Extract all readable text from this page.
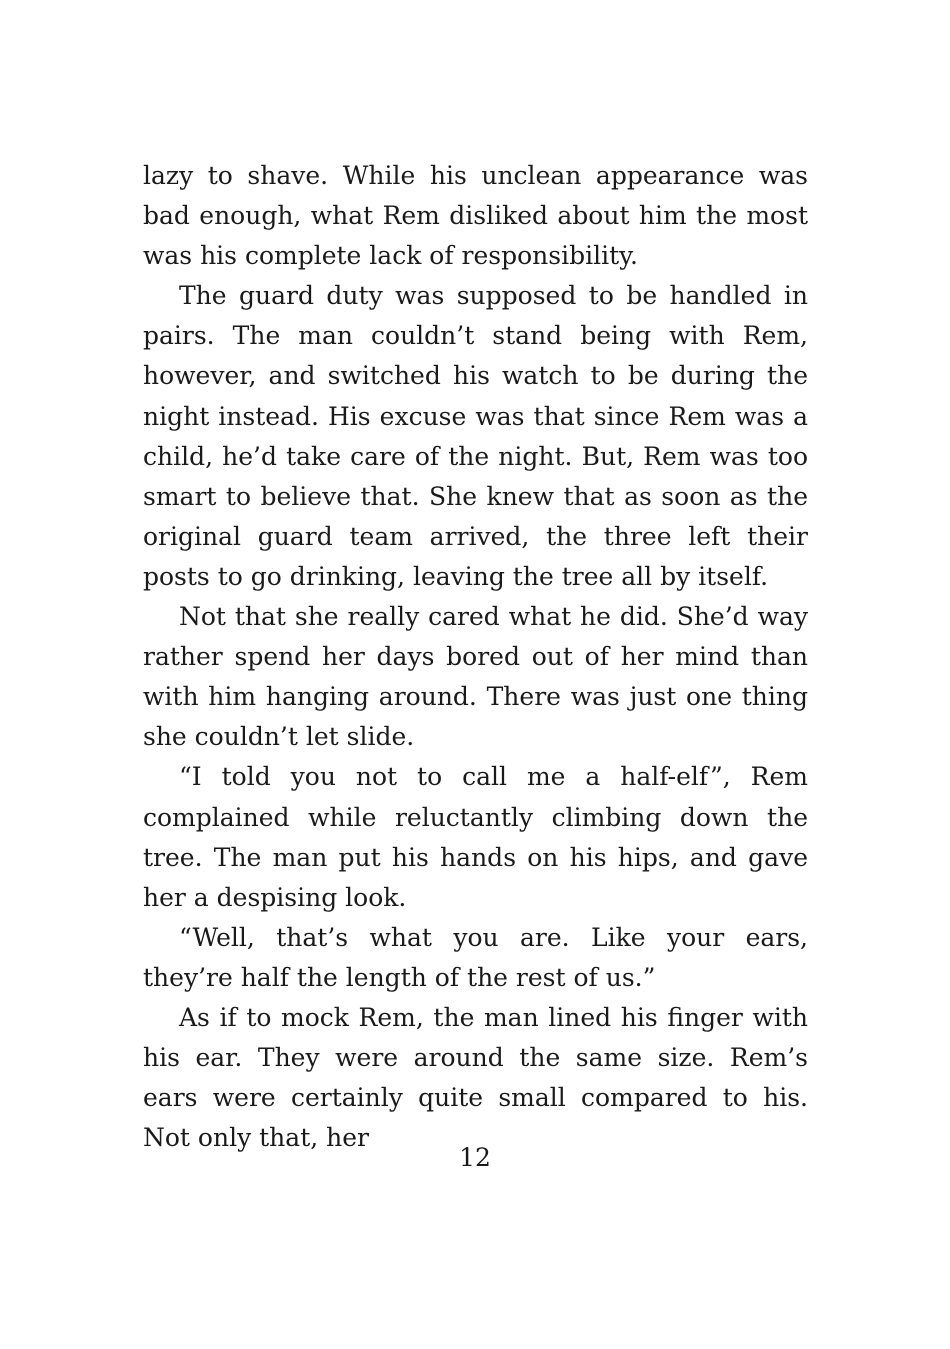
lazy to shave. While his unclean appearance was bad enough, what Rem disliked about him the most was his complete lack of responsibility.

The guard duty was supposed to be handled in pairs. The man couldn’t stand being with Rem, however, and switched his watch to be during the night instead. His excuse was that since Rem was a child, he’d take care of the night. But, Rem was too smart to believe that. She knew that as soon as the original guard team arrived, the three left their posts to go drinking, leaving the tree all by itself.

Not that she really cared what he did. She’d way rather spend her days bored out of her mind than with him hanging around. There was just one thing she couldn’t let slide.

“I told you not to call me a half-elf”, Rem complained while reluctantly climbing down the tree. The man put his hands on his hips, and gave her a despising look.

“Well, that’s what you are. Like your ears, they’re half the length of the rest of us.”

As if to mock Rem, the man lined his finger with his ear. They were around the same size. Rem’s ears were certainly quite small compared to his. Not only that, her

12
